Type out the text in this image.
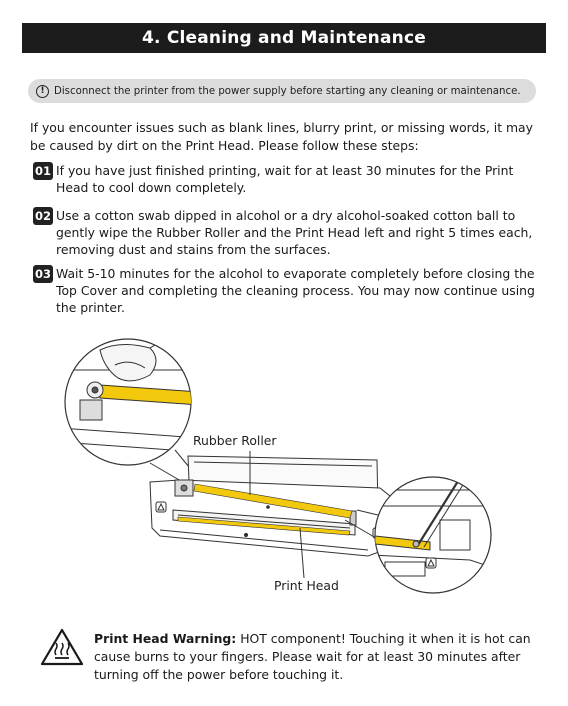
4. Cleaning and Maintenance
! Disconnect the printer from the power supply before starting any cleaning or maintenance.

If you encounter issues such as blank lines, blurry print, or missing words, it may be caused by dirt on the Print Head. Please follow these steps:

01 If you have just finished printing, wait for at least 30 minutes for the Print Head to cool down completely.
02 Use a cotton swab dipped in alcohol or a dry alcohol-soaked cotton ball to gently wipe the Rubber Roller and the Print Head left and right 5 times each, removing dust and stains from the surfaces.
03 Wait 5-10 minutes for the alcohol to evaporate completely before closing the Top Cover and completing the cleaning process. You may now continue using the printer.
Rubber Roller
Print Head
Print Head Warning: HOT component! Touching it when it is hot can cause burns to your fingers. Please wait for at least 30 minutes after turning off the power before touching it.
